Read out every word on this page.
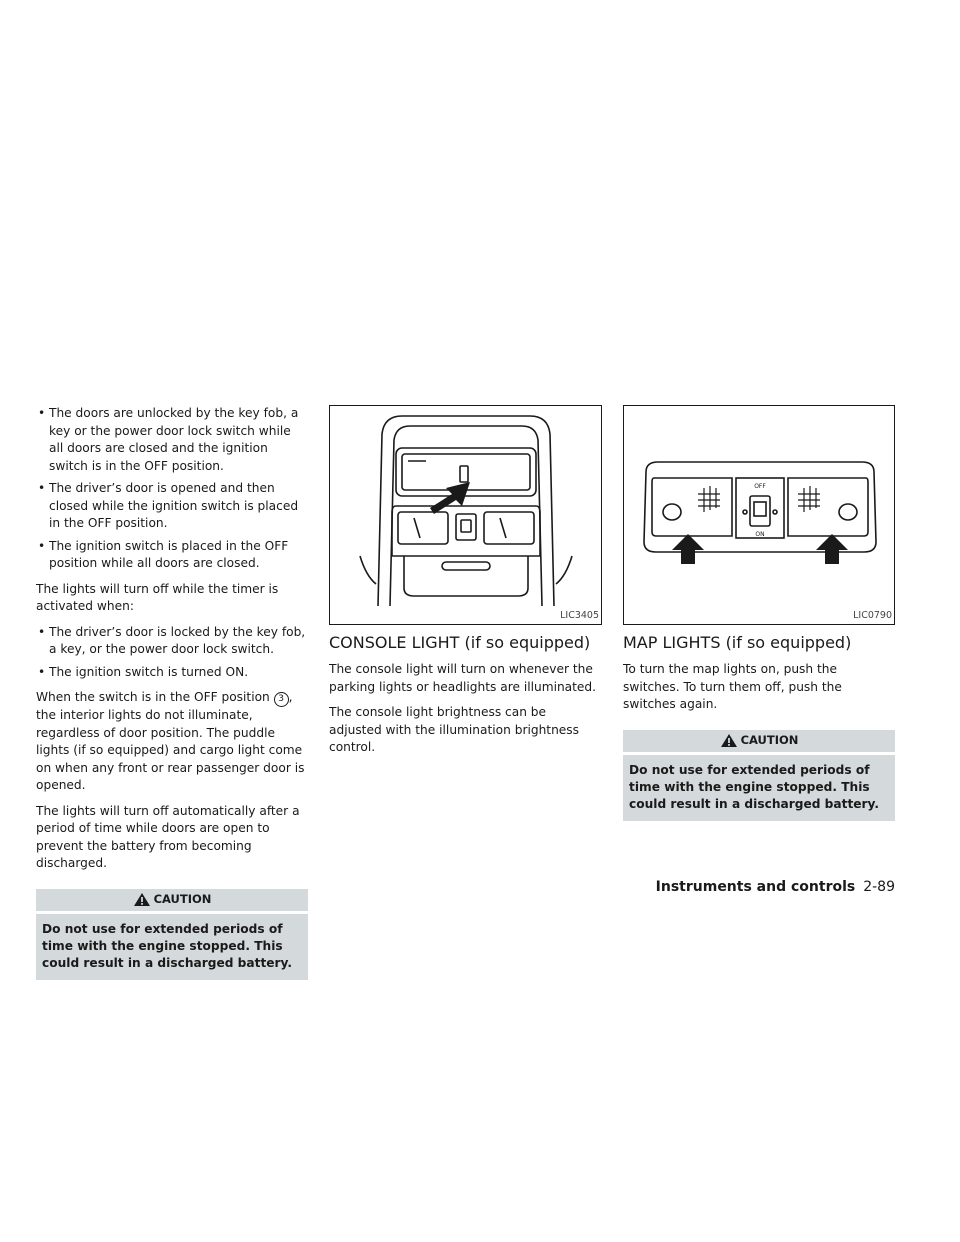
• The doors are unlocked by the key fob, a key or the power door lock switch while all doors are closed and the ignition switch is in the OFF position.
• The driver’s door is opened and then closed while the ignition switch is placed in the OFF position.
• The ignition switch is placed in the OFF position while all doors are closed.

The lights will turn off while the timer is activated when:

• The driver’s door is locked by the key fob, a key, or the power door lock switch.
• The ignition switch is turned ON.

When the switch is in the OFF position 3 , the interior lights do not illuminate, regardless of door position. The puddle lights (if so equipped) and cargo light come on when any front or rear passenger door is opened.

The lights will turn off automatically after a period of time while doors are open to prevent the battery from becoming discharged.

CAUTION
Do not use for extended periods of time with the engine stopped. This could result in a discharged battery.
LIC3405
CONSOLE LIGHT (if so equipped)

The console light will turn on whenever the parking lights or headlights are illuminated.

The console light brightness can be adjusted with the illumination brightness control.

OFF
ON
LIC0790
MAP LIGHTS (if so equipped)

To turn the map lights on, push the switches. To turn them off, push the switches again.

CAUTION
Do not use for extended periods of time with the engine stopped. This could result in a discharged battery.
Instruments and controls 2-89
